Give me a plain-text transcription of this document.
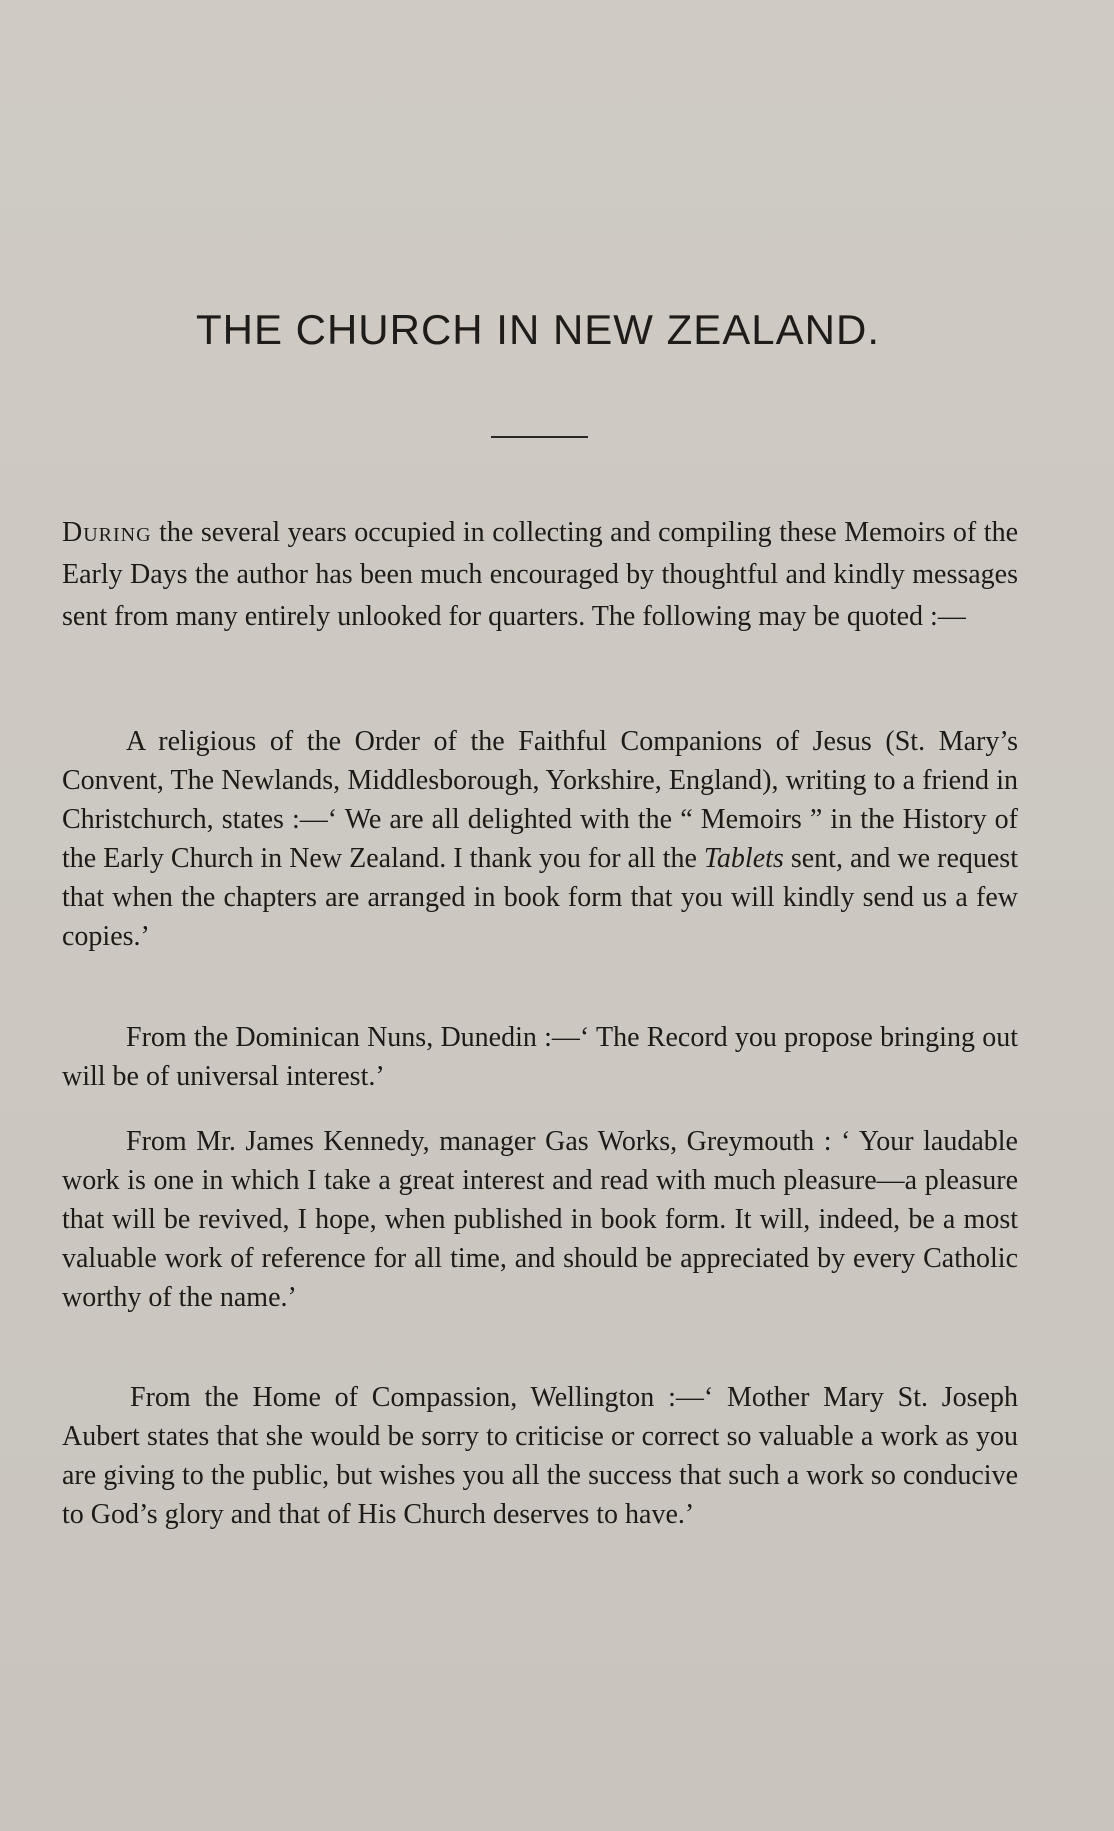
THE CHURCH IN NEW ZEALAND.

During the several years occupied in collecting and compiling these Memoirs of the Early Days the author has been much encouraged by thoughtful and kindly messages sent from many entirely unlooked for quarters. The following may be quoted :—

A religious of the Order of the Faithful Companions of Jesus (St. Mary’s Convent, The Newlands, Middlesborough, Yorkshire, England), writing to a friend in Christchurch, states :—‘ We are all delighted with the “ Memoirs ” in the History of the Early Church in New Zealand. I thank you for all the Tablets sent, and we request that when the chapters are arranged in book form that you will kindly send us a few copies.’

From the Dominican Nuns, Dunedin :—‘ The Record you propose bringing out will be of universal interest.’

From Mr. James Kennedy, manager Gas Works, Greymouth : ‘ Your laudable work is one in which I take a great interest and read with much pleasure—a pleasure that will be revived, I hope, when published in book form. It will, indeed, be a most valuable work of reference for all time, and should be appreciated by every Catholic worthy of the name.’

From the Home of Compassion, Wellington :—‘ Mother Mary St. Joseph Aubert states that she would be sorry to criticise or correct so valuable a work as you are giving to the public, but wishes you all the success that such a work so conducive to God’s glory and that of His Church deserves to have.’
